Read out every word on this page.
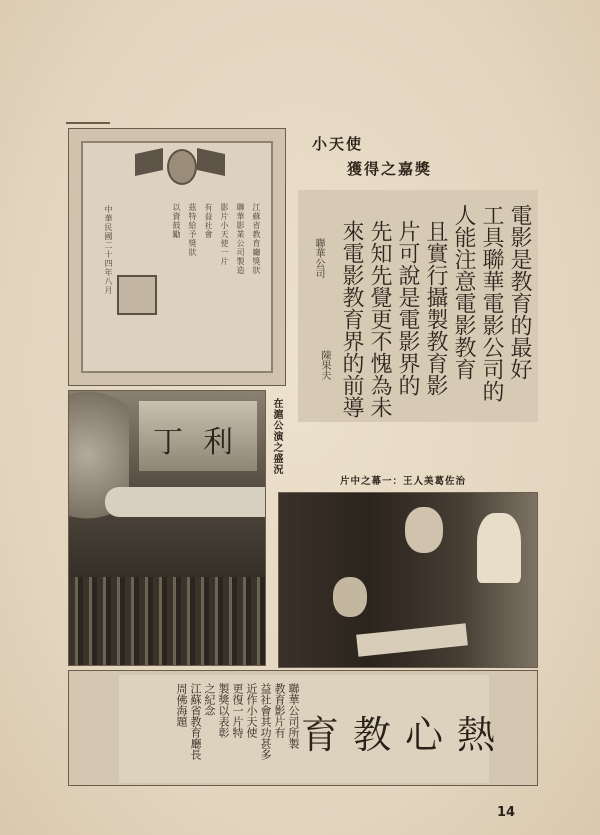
江蘇省教育廳獎狀
聯華影業公司製造
影片小天使一片
有益社會
茲特給予獎狀
以資鼓勵
中華民國二十四年八月
小天使
獲得之嘉獎
電影是教育的最好
工具聯華電影公司的
人能注意電影教育
且實行攝製教育影
片可說是電影界的
先知先覺更不愧為未
來電影教育界的前導
聯華公司
陳果夫
丁 利	在滬公演之盛況
治佐葛美人王：一幕之中片
熱心教育
聯華公司所製
教育影片有
益社會其功甚多
近作小天使
更復一片特
製獎以表彰
之紀念
江蘇省教育廳長
周佛海題
14
